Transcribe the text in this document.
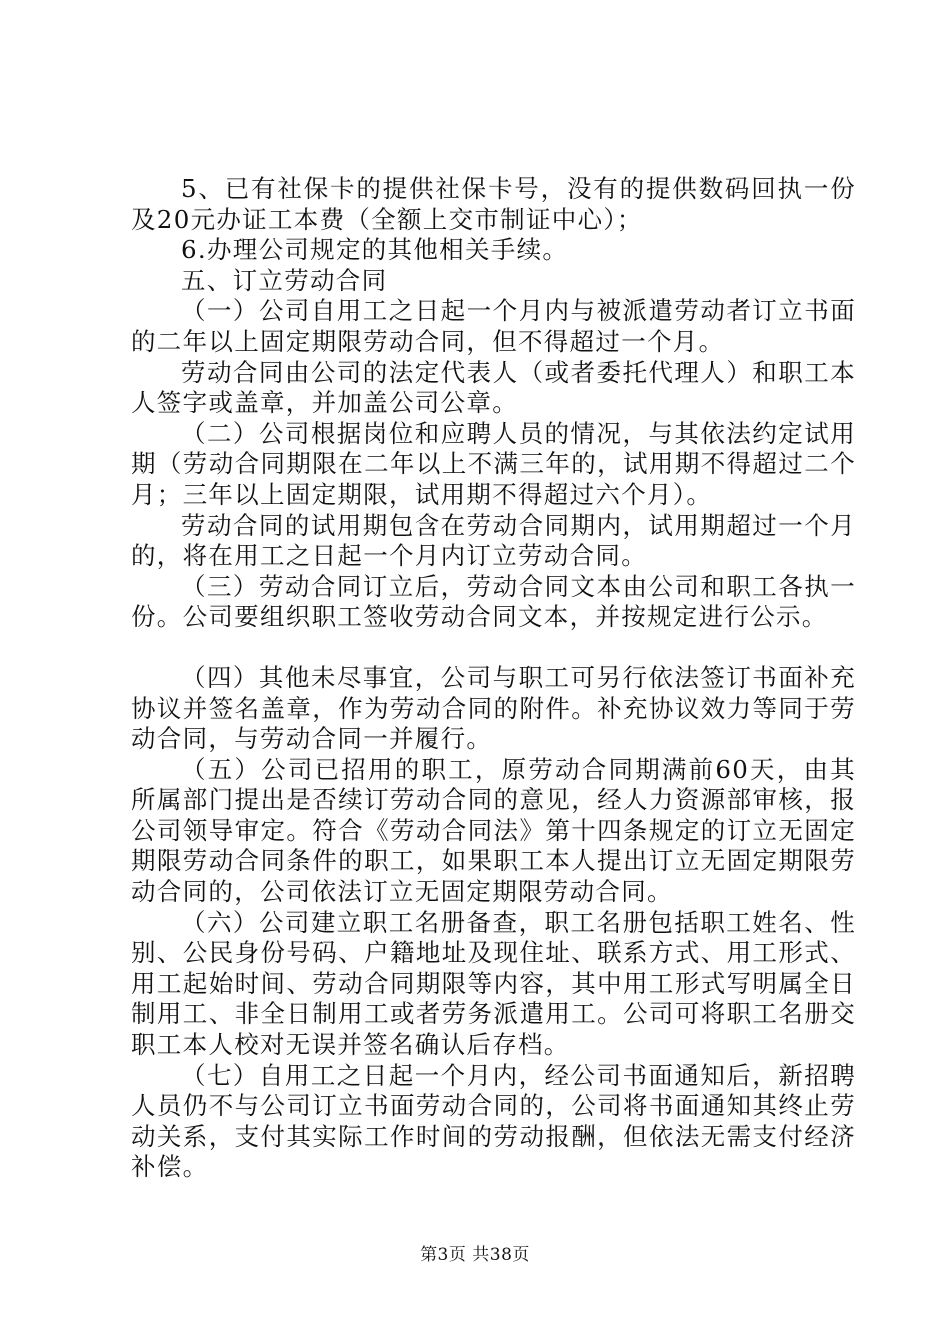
5、已有社保卡的提供社保卡号，没有的提供数码回执一份及20元办证工本费（全额上交市制证中心）；

6.办理公司规定的其他相关手续。

五、订立劳动合同

（一）公司自用工之日起一个月内与被派遣劳动者订立书面的二年以上固定期限劳动合同，但不得超过一个月。

劳动合同由公司的法定代表人（或者委托代理人）和职工本人签字或盖章，并加盖公司公章。

（二）公司根据岗位和应聘人员的情况，与其依法约定试用期（劳动合同期限在二年以上不满三年的，试用期不得超过二个月；三年以上固定期限，试用期不得超过六个月）。

劳动合同的试用期包含在劳动合同期内，试用期超过一个月的，将在用工之日起一个月内订立劳动合同。

（三）劳动合同订立后，劳动合同文本由公司和职工各执一份。公司要组织职工签收劳动合同文本，并按规定进行公示。

（四）其他未尽事宜，公司与职工可另行依法签订书面补充协议并签名盖章，作为劳动合同的附件。补充协议效力等同于劳动合同，与劳动合同一并履行。

（五）公司已招用的职工，原劳动合同期满前60天，由其所属部门提出是否续订劳动合同的意见，经人力资源部审核，报公司领导审定。符合《劳动合同法》第十四条规定的订立无固定期限劳动合同条件的职工，如果职工本人提出订立无固定期限劳动合同的，公司依法订立无固定期限劳动合同。

（六）公司建立职工名册备查，职工名册包括职工姓名、性别、公民身份号码、户籍地址及现住址、联系方式、用工形式、用工起始时间、劳动合同期限等内容，其中用工形式写明属全日制用工、非全日制用工或者劳务派遣用工。公司可将职工名册交职工本人校对无误并签名确认后存档。

（七）自用工之日起一个月内，经公司书面通知后，新招聘人员仍不与公司订立书面劳动合同的，公司将书面通知其终止劳动关系，支付其实际工作时间的劳动报酬，但依法无需支付经济补偿。

第3页 共38页
